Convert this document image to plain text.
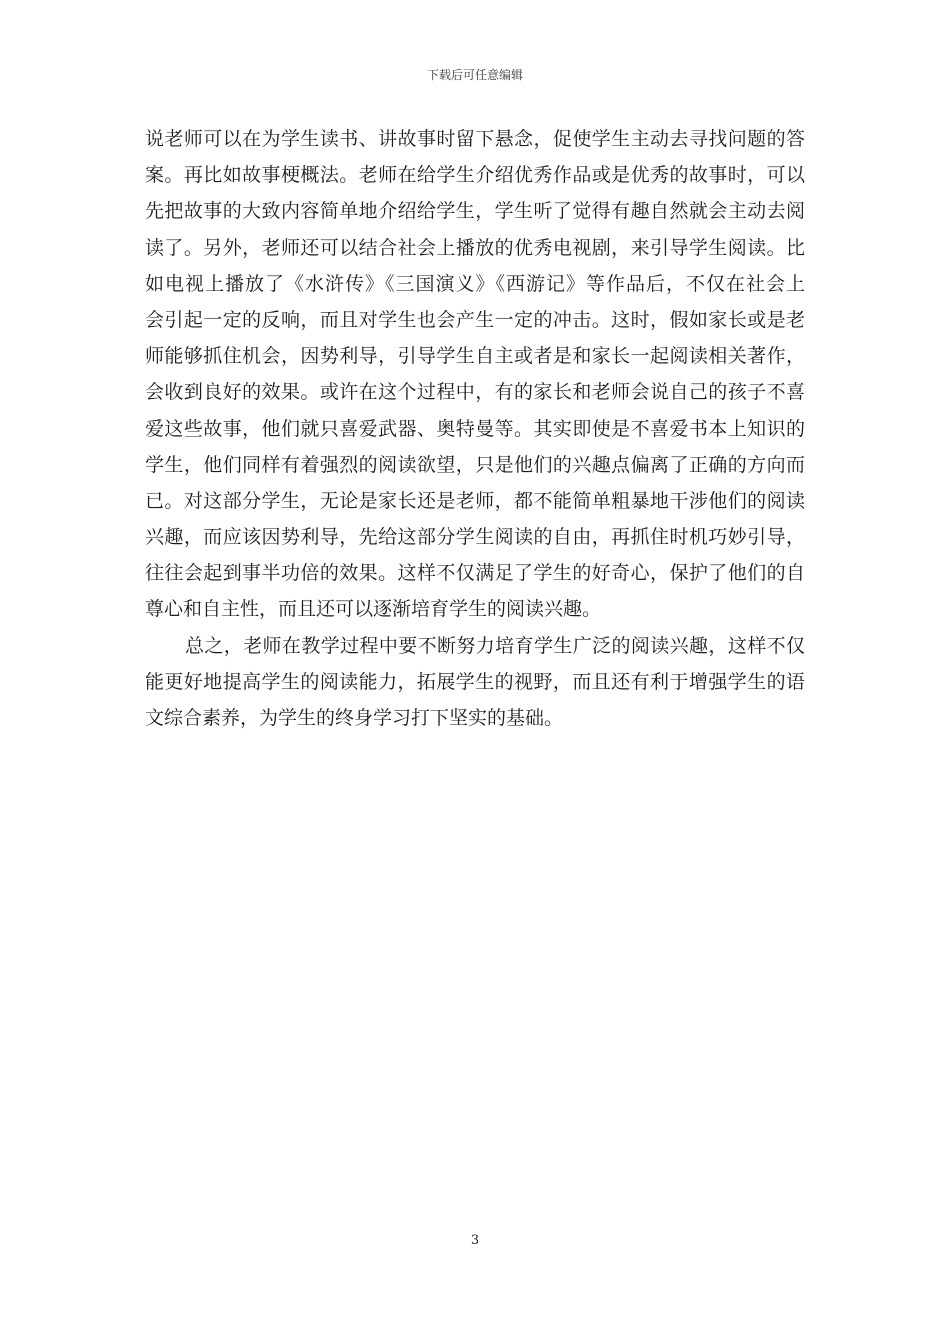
下载后可任意编辑
说老师可以在为学生读书、讲故事时留下悬念，促使学生主动去寻找问题的答
案。再比如故事梗概法。老师在给学生介绍优秀作品或是优秀的故事时，可以
先把故事的大致内容简单地介绍给学生，学生听了觉得有趣自然就会主动去阅
读了。另外，老师还可以结合社会上播放的优秀电视剧，来引导学生阅读。比
如电视上播放了《水浒传》《三国演义》《西游记》等作品后，不仅在社会上
会引起一定的反响，而且对学生也会产生一定的冲击。这时，假如家长或是老
师能够抓住机会，因势利导，引导学生自主或者是和家长一起阅读相关著作，
会收到良好的效果。或许在这个过程中，有的家长和老师会说自己的孩子不喜
爱这些故事，他们就只喜爱武器、奥特曼等。其实即使是不喜爱书本上知识的
学生，他们同样有着强烈的阅读欲望，只是他们的兴趣点偏离了正确的方向而
已。对这部分学生，无论是家长还是老师，都不能简单粗暴地干涉他们的阅读
兴趣，而应该因势利导，先给这部分学生阅读的自由，再抓住时机巧妙引导，
往往会起到事半功倍的效果。这样不仅满足了学生的好奇心，保护了他们的自
尊心和自主性，而且还可以逐渐培育学生的阅读兴趣。
总之，老师在教学过程中要不断努力培育学生广泛的阅读兴趣，这样不仅
能更好地提高学生的阅读能力，拓展学生的视野，而且还有利于增强学生的语
文综合素养，为学生的终身学习打下坚实的基础。
3
